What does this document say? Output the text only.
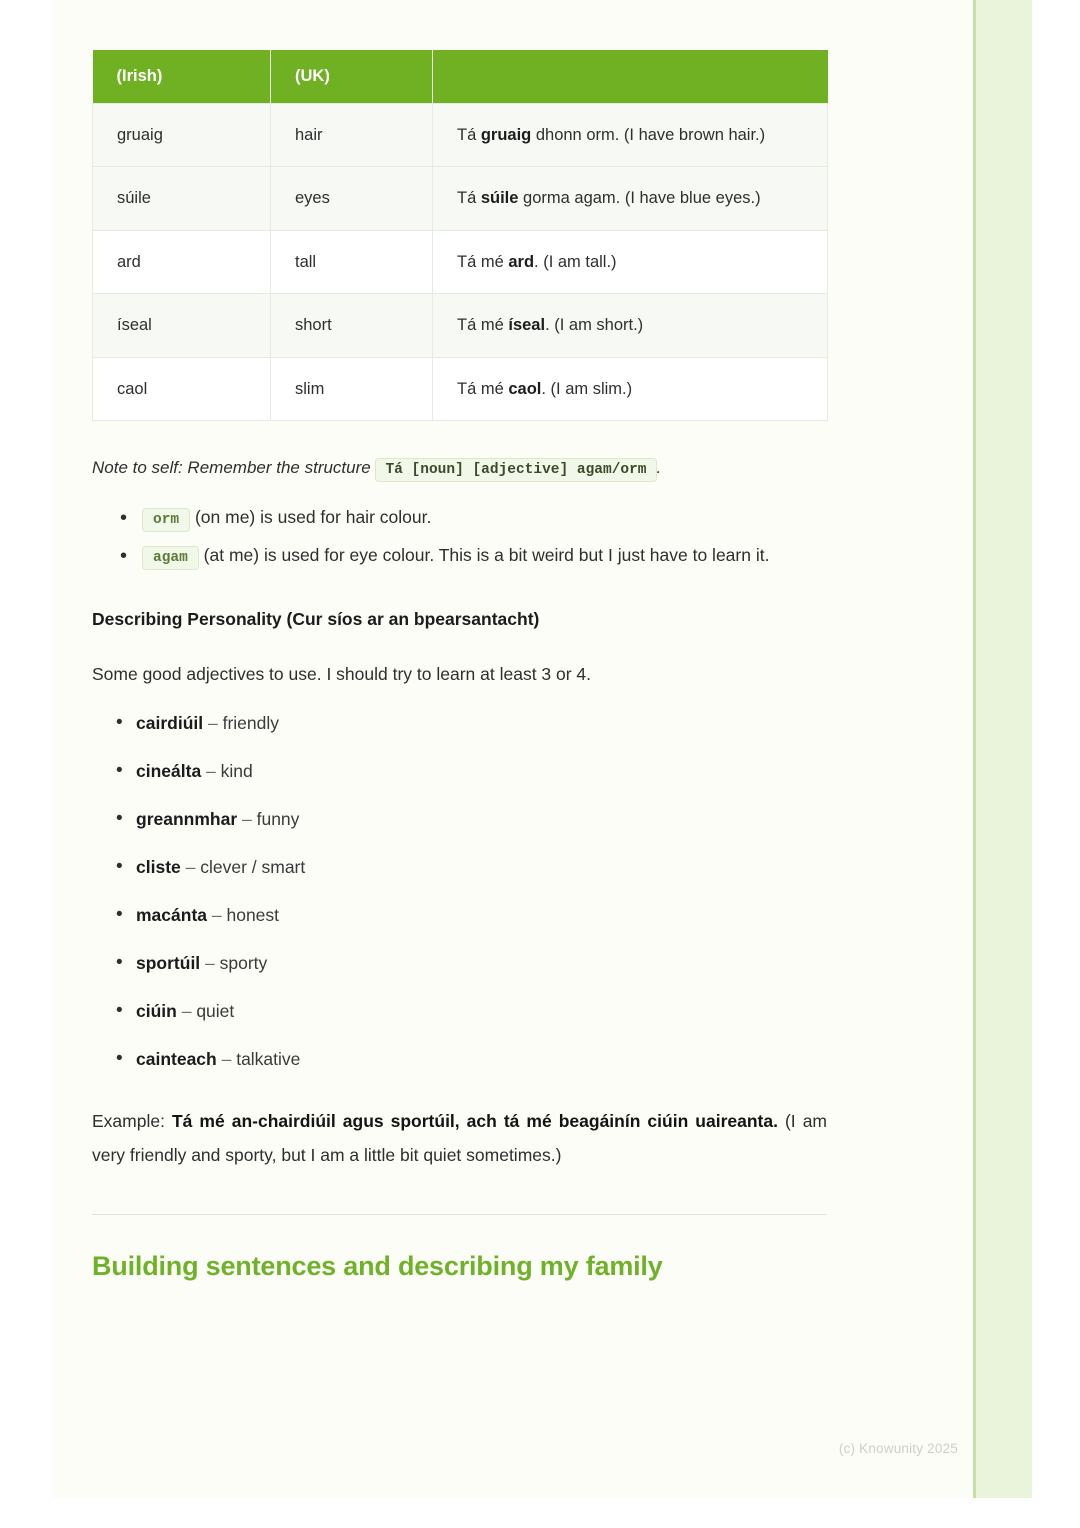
(Irish)	(UK)	
gruaig	hair	Tá gruaig dhonn orm. (I have brown hair.)
súile	eyes	Tá súile gorma agam. (I have blue eyes.)
ard	tall	Tá mé ard. (I am tall.)
íseal	short	Tá mé íseal. (I am short.)
caol	slim	Tá mé caol. (I am slim.)
Note to self: Remember the structure Tá [noun] [adjective] agam/orm .
• orm (on me) is used for hair colour.
• agam (at me) is used for eye colour. This is a bit weird but I just have to learn it.
Describing Personality (Cur síos ar an bpearsantacht)

Some good adjectives to use. I should try to learn at least 3 or 4.

• cairdiúil – friendly
• cineálta – kind
• greannmhar – funny
• cliste – clever / smart
• macánta – honest
• sportúil – sporty
• ciúin – quiet
• cainteach – talkative

Example: Tá mé an-chairdiúil agus sportúil, ach tá mé beagáinín ciúin uaireanta. (I am very friendly and sporty, but I am a little bit quiet sometimes.)

Building sentences and describing my family
(c) Knowunity 2025
